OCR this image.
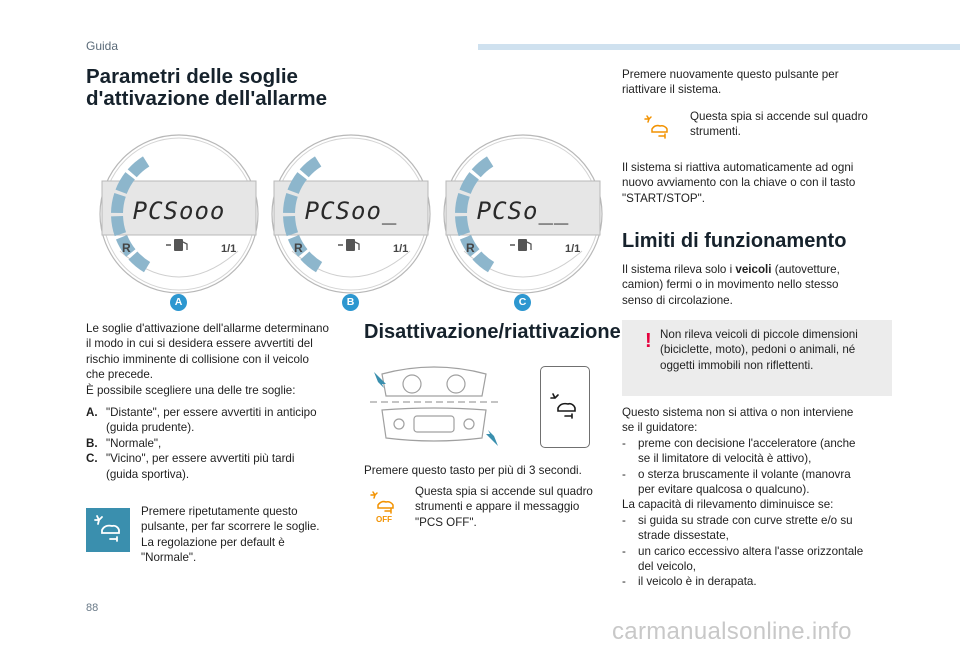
Guida
Parametri delle soglie
d'attivazione dell'allarme
PCSooo
R	1/1
A
PCSoo_
R	1/1
B
PCSo__
R	1/1
C
Le soglie d'attivazione dell'allarme determinano
il modo in cui si desidera essere avvertiti del
rischio imminente di collisione con il veicolo
che precede.
È possibile scegliere una delle tre soglie:
A. "Distante", per essere avvertiti in anticipo
(guida prudente).
B. "Normale",
C. "Vicino", per essere avvertiti più tardi
(guida sportiva).
Premere ripetutamente questo
pulsante, per far scorrere le soglie.
La regolazione per default è
"Normale".
Disattivazione/riattivazione
Premere questo tasto per più di 3 secondi.
OFF
Questa spia si accende sul quadro
strumenti e appare il messaggio
"PCS OFF".
Premere nuovamente questo pulsante per
riattivare il sistema.
Questa spia si accende sul quadro
strumenti.
Il sistema si riattiva automaticamente ad ogni
nuovo avviamento con la chiave o con il tasto
"START/STOP".
Limiti di funzionamento
Il sistema rileva solo i veicoli (autovetture,
camion) fermi o in movimento nello stesso
senso di circolazione.
! Non rileva veicoli di piccole dimensioni
(biciclette, moto), pedoni o animali, né
oggetti immobili non riflettenti.
Questo sistema non si attiva o non interviene
se il guidatore:
-	preme con decisione l'acceleratore (anche
se il limitatore di velocità è attivo),
-	o sterza bruscamente il volante (manovra
per evitare qualcosa o qualcuno).
La capacità di rilevamento diminuisce se:
-	si guida su strade con curve strette e/o su
strade dissestate,
-	un carico eccessivo altera l'asse orizzontale
del veicolo,
-	il veicolo è in derapata.
88
carmanualsonline.info
